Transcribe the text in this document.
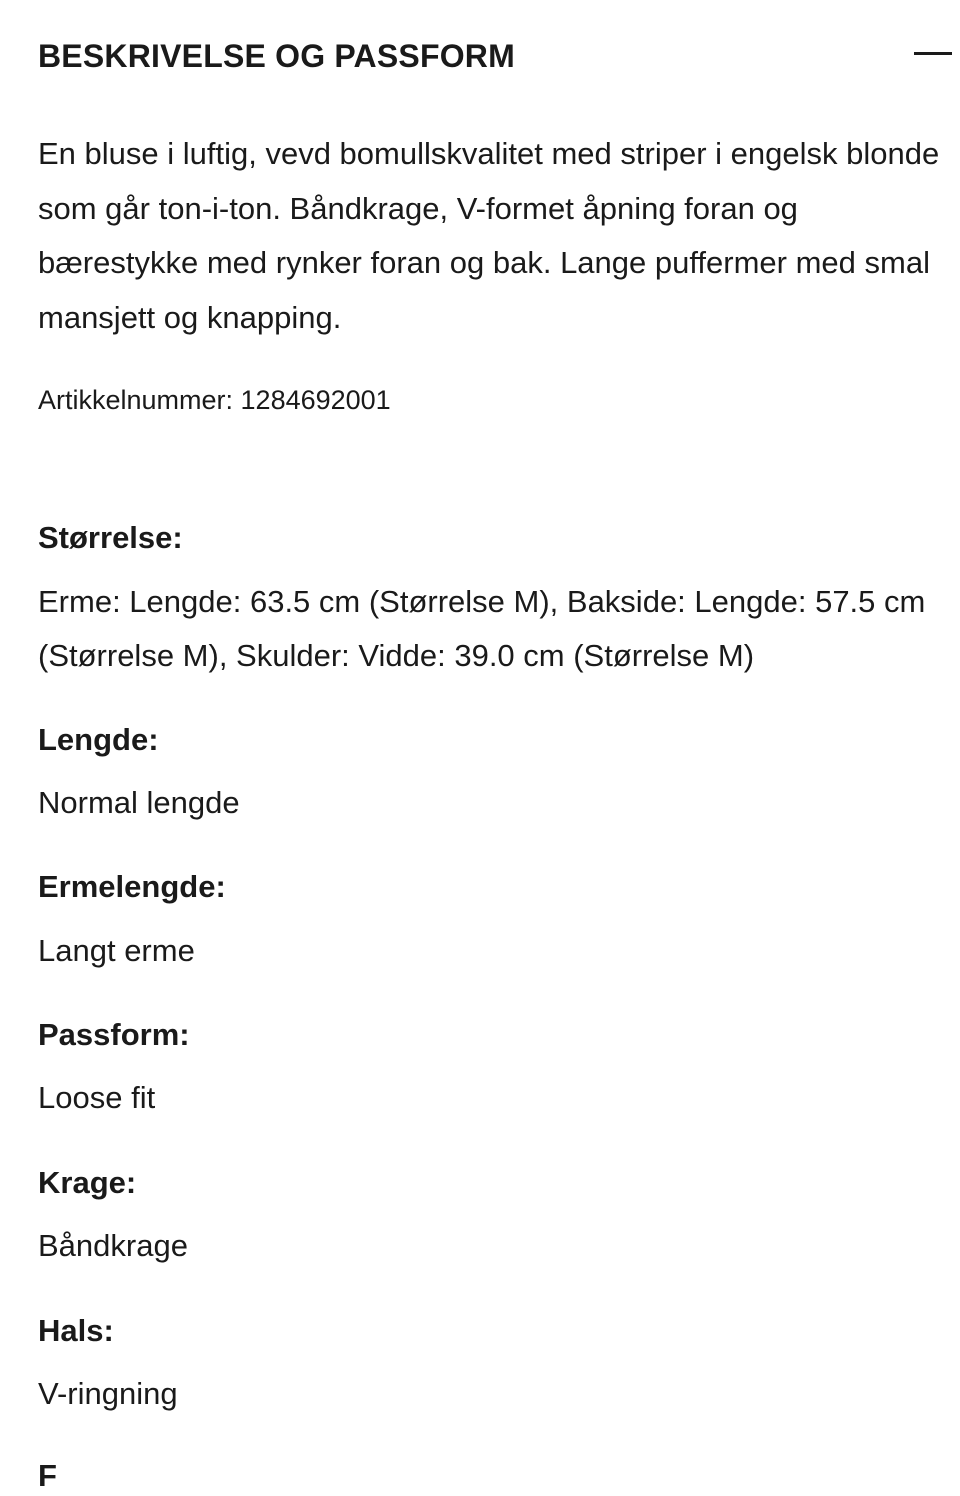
BESKRIVELSE OG PASSFORM

En bluse i luftig, vevd bomullskvalitet med striper i engelsk blonde som går ton-i-ton. Båndkrage, V-formet åpning foran og bærestykke med rynker foran og bak. Lange puffermer med smal mansjett og knapping.

Artikkelnummer: 1284692001

Størrelse:

Erme: Lengde: 63.5 cm (Størrelse M), Bakside: Lengde: 57.5 cm (Størrelse M), Skulder: Vidde: 39.0 cm (Størrelse M)

Lengde:

Normal lengde

Ermelengde:

Langt erme

Passform:

Loose fit

Krage:

Båndkrage

Hals:

V-ringning

F
